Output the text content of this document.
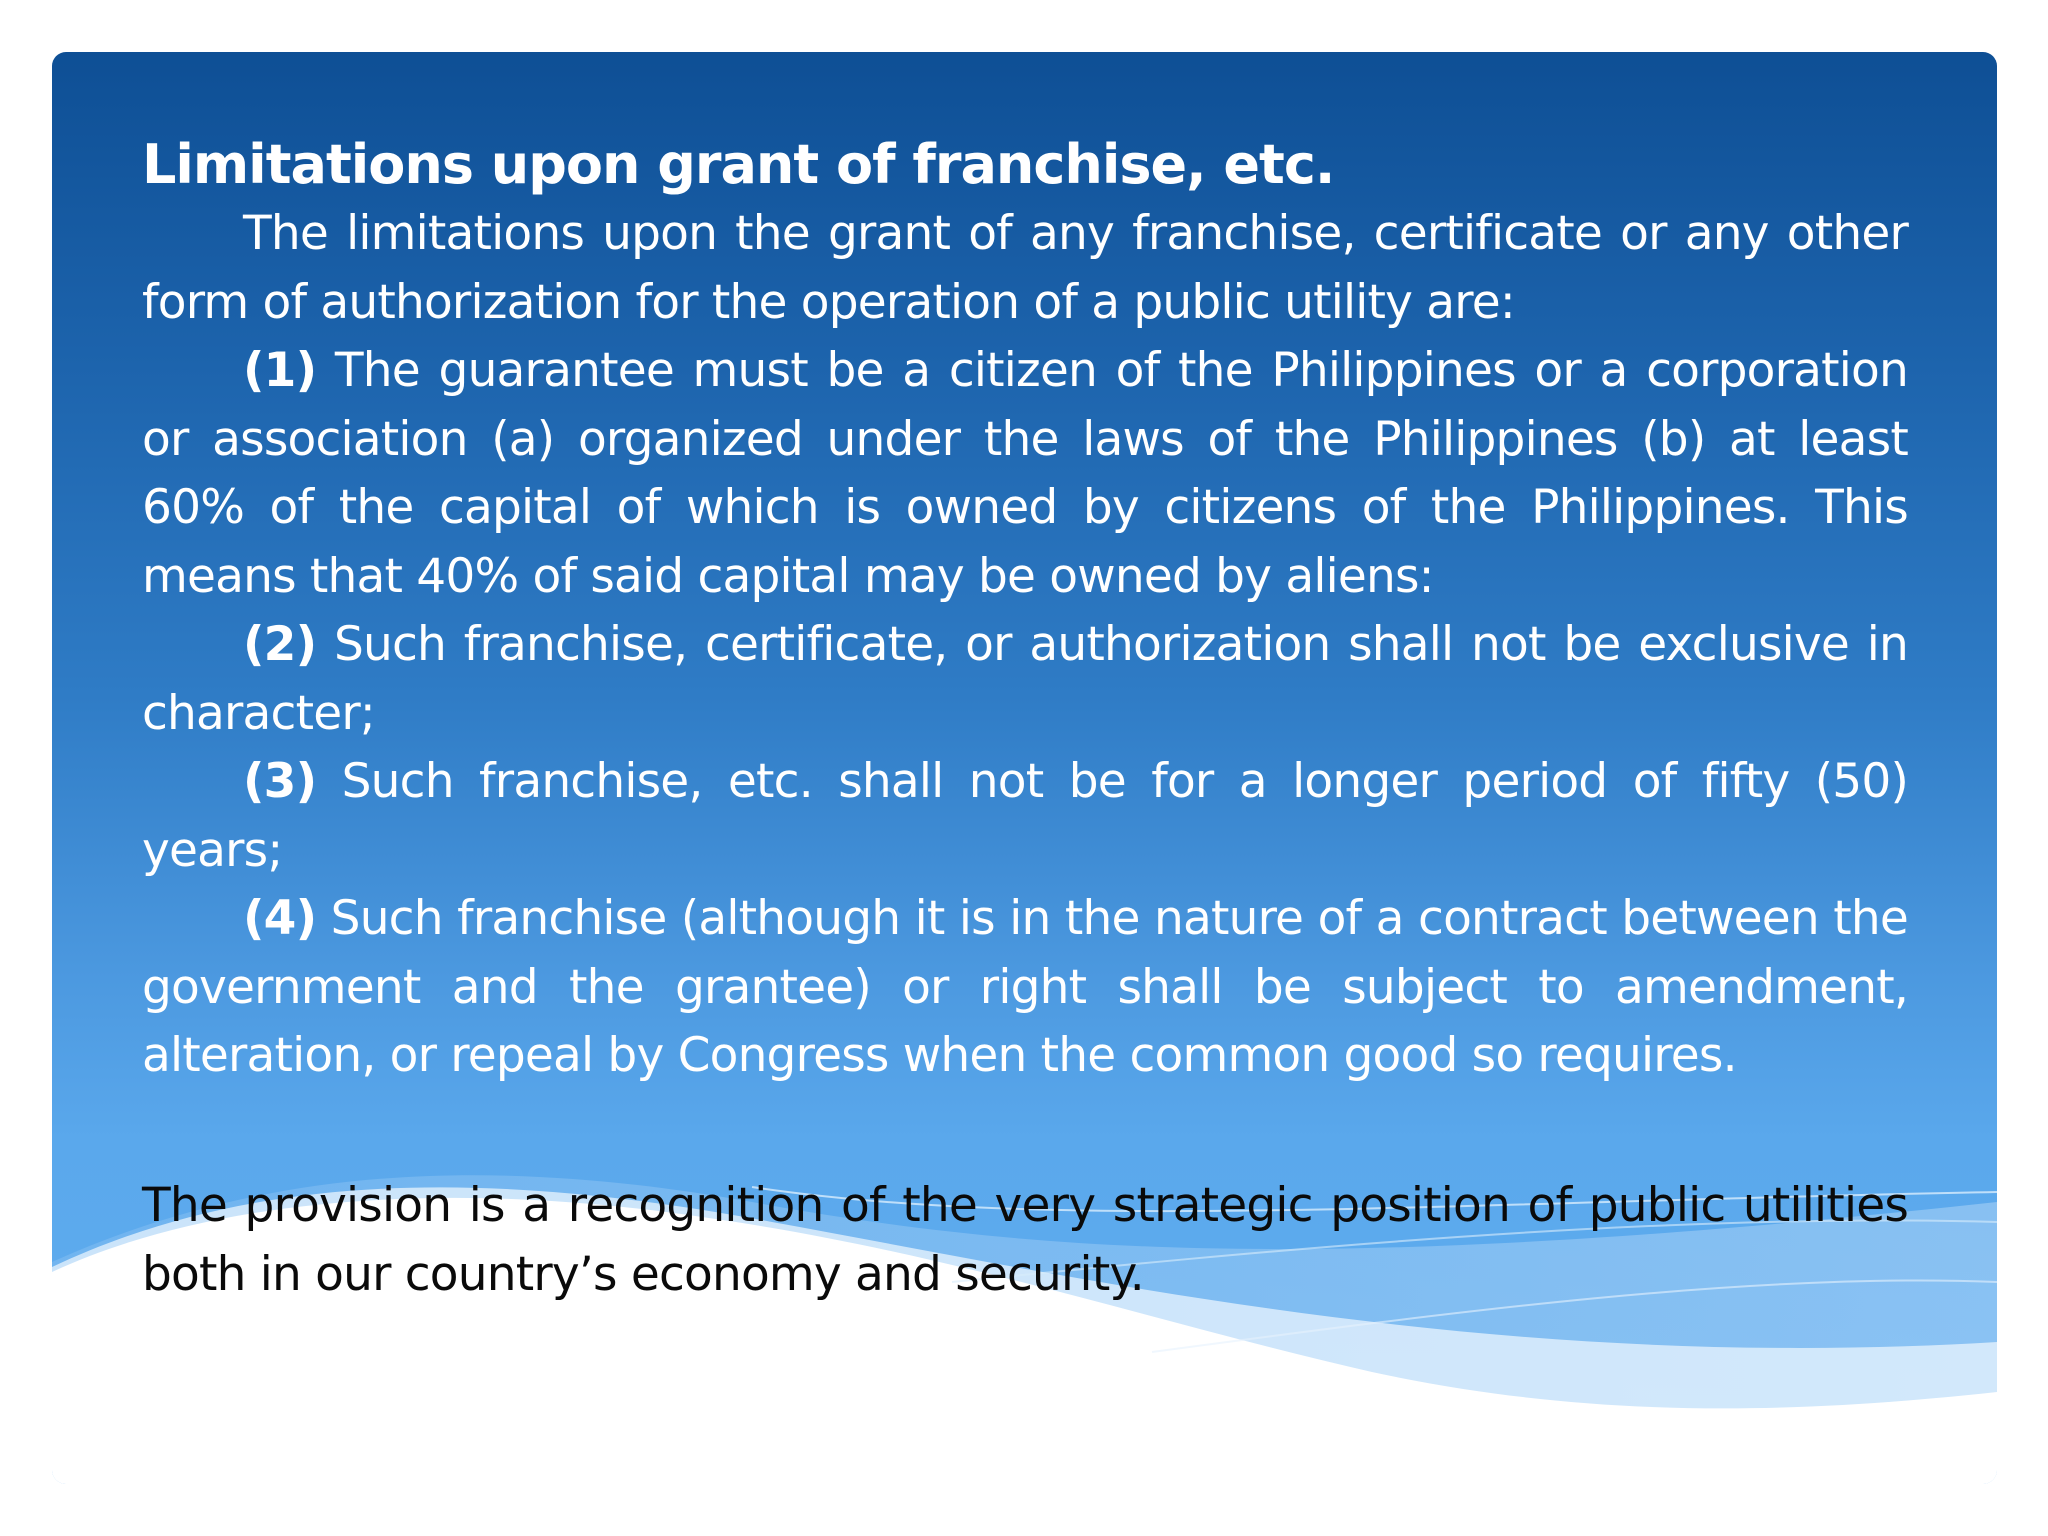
Limitations upon grant of franchise, etc.

The limitations upon the grant of any franchise, certificate or any other form of authorization for the operation of a public utility are:

(1) The guarantee must be a citizen of the Philippines or a corporation or association (a) organized under the laws of the Philippines (b) at least 60% of the capital of which is owned by citizens of the Philippines. This means that 40% of said capital may be owned by aliens:

(2) Such franchise, certificate, or authorization shall not be exclusive in character;

(3) Such franchise, etc. shall not be for a longer period of fifty (50) years;

(4) Such franchise (although it is in the nature of a contract between the government and the grantee) or right shall be subject to amendment, alteration, or repeal by Congress when the common good so requires.

The provision is a recognition of the very strategic position of public utilities both in our country’s economy and security.
